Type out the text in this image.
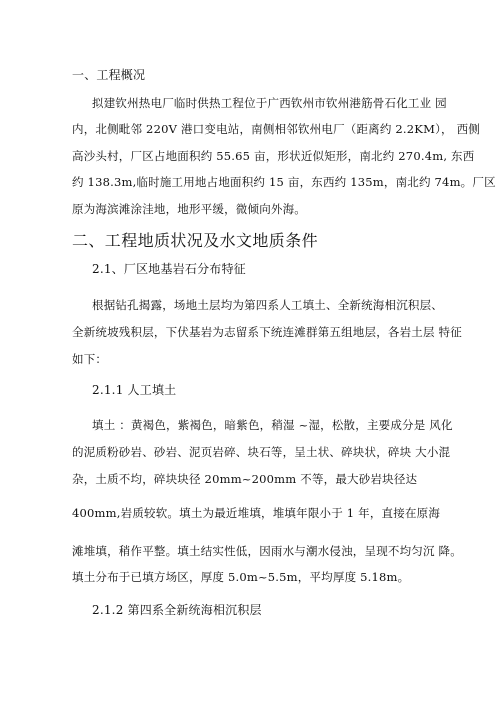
一、工程概况
拟建钦州热电厂临时供热工程位于广西钦州市钦州港筋骨石化工业 园
内，北侧毗邻 220V 港口变电站，南侧相邻钦州电厂（距离约 2.2KM）， 西侧
高沙头村，厂区占地面积约 55.65 亩，形状近似矩形，南北约 270.4m, 东西
约 138.3m,临时施工用地占地面积约 15 亩，东西约 135m，南北约 74m。厂区
原为海滨滩涂洼地，地形平缓，微倾向外海。
二、工程地质状况及水文地质条件
2.1、厂区地基岩石分布特征
根据钻孔揭露，场地土层均为第四系人工填土、全新统海相沉积层、
全新统坡残积层，下伏基岩为志留系下统连滩群第五组地层，各岩土层 特征
如下：
2.1.1 人工填土
填土 ：黄褐色，紫褐色，暗紫色，稍湿 ~湿，松散，主要成分是 风化
的泥质粉砂岩、砂岩、泥页岩碎、块石等，呈土状、碎块状，碎块 大小混
杂，土质不均，碎块块径 20mm~200mm 不等，最大砂岩块径达
400mm,岩质较软。填土为最近堆填，堆填年限小于 1 年，直接在原海
滩堆填，稍作平整。填土结实性低，因雨水与潮水侵浊，呈现不均匀沉 降。
填土分布于已填方场区，厚度 5.0m~5.5m，平均厚度 5.18m。
2.1.2 第四系全新统海相沉积层
